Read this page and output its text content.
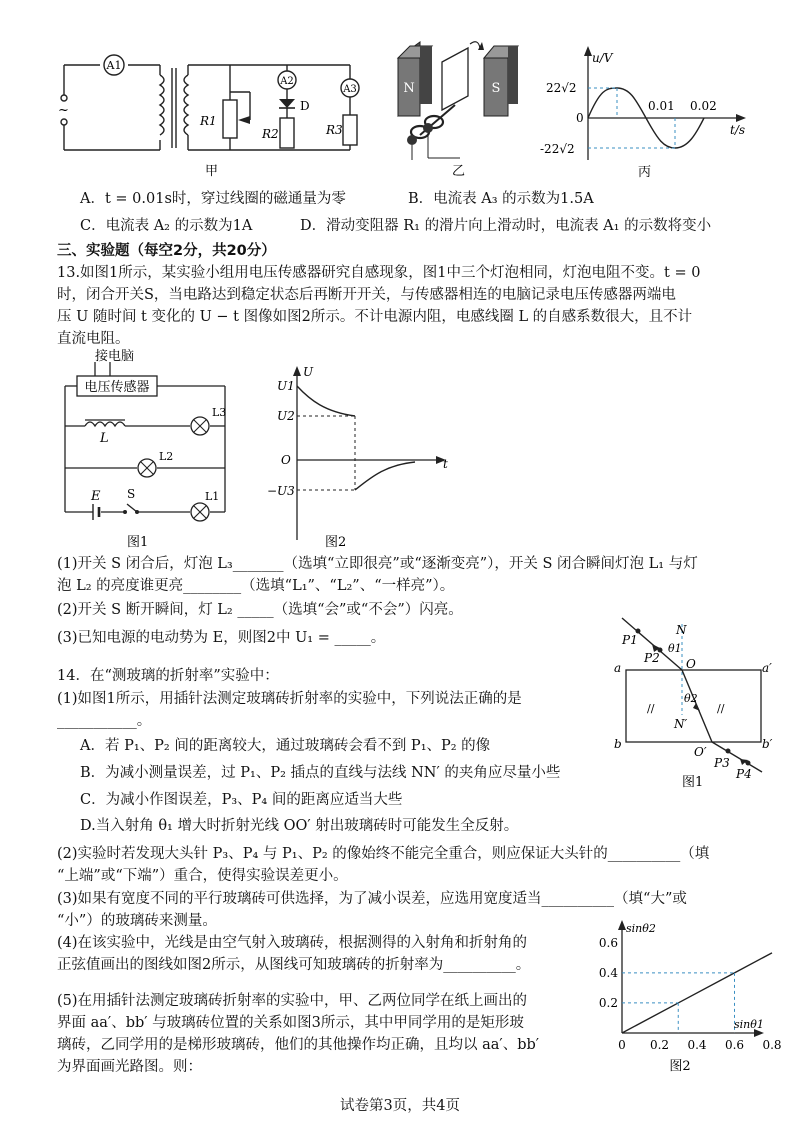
A1
A2
A3
~
R1
R2
D
R3
甲
N	S
乙
u/V
t/s
22√2
-22√2
0
0.01 0.02
丙
A．t = 0.01s时，穿过线圈的磁通量为零	B．电流表 A₃ 的示数为1.5A
C．电流表 A₂ 的示数为1A	D．滑动变阻器 R₁ 的滑片向上滑动时，电流表 A₁ 的示数将变小
三、实验题（每空2分，共20分）
13.如图1所示，某实验小组用电压传感器研究自感现象，图1中三个灯泡相同，灯泡电阻不变。t = 0
时，闭合开关S，当电路达到稳定状态后再断开开关，与传感器相连的电脑记录电压传感器两端电
压 U 随时间 t 变化的 U − t 图像如图2所示。不计电源内阻，电感线圈 L 的自感系数很大，且不计
直流电阻。
接电脑
电压传感器
L
L3
L2
L1
E S
图1
U
t
U1
U2
O
−U3
图2
(1)开关 S 闭合后，灯泡 L₃_______（选填“立即很亮”或“逐渐变亮”），开关 S 闭合瞬间灯泡 L₁ 与灯
泡 L₂ 的亮度谁更亮________（选填“L₁”、“L₂”、“一样亮”）。
(2)开关 S 断开瞬间，灯 L₂ _____（选填“会”或“不会”）闪亮。
(3)已知电源的电动势为 E，则图2中 U₁ = _____。
14．在“测玻璃的折射率”实验中：
(1)如图1所示，用插针法测定玻璃砖折射率的实验中，下列说法正确的是
___________。
A．若 P₁、P₂ 间的距离较大，通过玻璃砖会看不到 P₁、P₂ 的像
B．为减小测量误差，过 P₁、P₂ 插点的直线与法线 NN′ 的夹角应尽量小些
C．为减小作图误差，P₃、P₄ 间的距离应适当大些
D.当入射角 θ₁ 增大时折射光线 OO′ 射出玻璃砖时可能发生全反射。
//	//
P1
P2
P3
P4
N
N′
O
O′
a	a′
b	b′
θ1
θ2
图1
(2)实验时若发现大头针 P₃、P₄ 与 P₁、P₂ 的像始终不能完全重合，则应保证大头针的__________（填
“上端”或“下端”）重合，使得实验误差更小。
(3)如果有宽度不同的平行玻璃砖可供选择，为了减小误差，应选用宽度适当__________（填“大”或
“小”）的玻璃砖来测量。
(4)在该实验中，光线是由空气射入玻璃砖，根据测得的入射角和折射角的
正弦值画出的图线如图2所示，从图线可知玻璃砖的折射率为__________。
(5)在用插针法测定玻璃砖折射率的实验中，甲、乙两位同学在纸上画出的
界面 aa′、bb′ 与玻璃砖位置的关系如图3所示，其中甲同学用的是矩形玻
璃砖，乙同学用的是梯形玻璃砖，他们的其他操作均正确，且均以 aa′、bb′
为界面画光路图。则：
0 0.2 0.4 0.6 0.8
0.2
0.4
0.6
sinθ2
sinθ1
图2
试卷第3页，共4页
